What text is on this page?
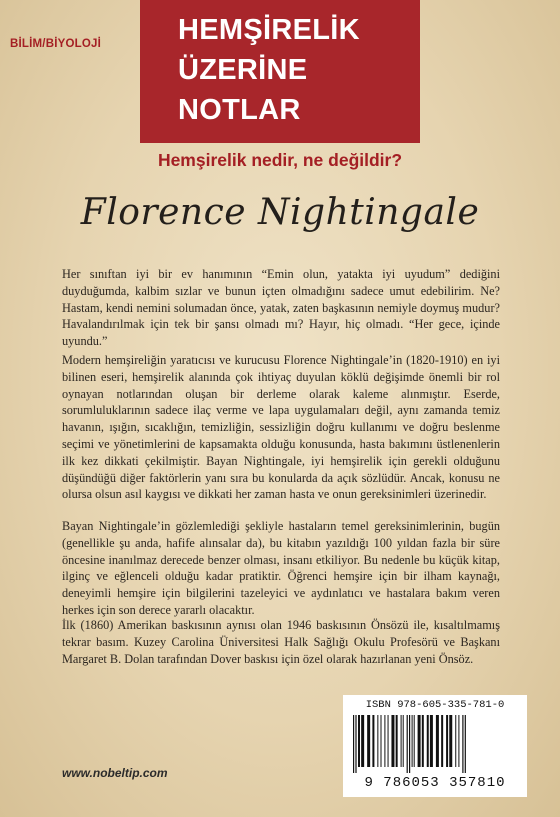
BİLİM/BİYOLOJİ	HEMŞİRELİK
ÜZERİNE
NOTLAR
Hemşirelik nedir, ne değildir?
Florence Nightingale

Her sınıftan iyi bir ev hanımının “Emin olun, yatakta iyi uyudum” dediğini duyduğumda, kalbim sızlar ve bunun içten olmadığını sadece umut edebilirim. Ne? Hastam, kendi nemini solumadan önce, yatak, zaten başkasının nemiyle doymuş mudur? Havalandırılmak için tek bir şansı olmadı mı? Hayır, hiç olmadı. “Her gece, içinde uyundu.”

Modern hemşireliğin yaratıcısı ve kurucusu Florence Nightingale’in (1820-1910) en iyi bilinen eseri, hemşirelik alanında çok ihtiyaç duyulan köklü değişimde önemli bir rol oynayan notlarından oluşan bir derleme olarak kaleme alınmıştır. Eserde, sorumluluklarının sadece ilaç verme ve lapa uygulamaları değil, aynı zamanda temiz havanın, ışığın, sıcaklığın, temizliğin, sessizliğin doğru kullanımı ve doğru beslenme seçimi ve yönetimlerini de kapsamakta olduğu konusunda, hasta bakımını üstlenenlerin ilk kez dikkati çekilmiştir. Bayan Nightingale, iyi hemşirelik için gerekli olduğunu düşündüğü diğer faktörlerin yanı sıra bu konularda da açık sözlüdür. Ancak, konusu ne olursa olsun asıl kaygısı ve dikkati her zaman hasta ve onun gereksinimleri üzerinedir.

Bayan Nightingale’in gözlemlediği şekliyle hastaların temel gereksinimlerinin, bugün (genellikle şu anda, hafife alınsalar da), bu kitabın yazıldığı 100 yıldan fazla bir süre öncesine inanılmaz derecede benzer olması, insanı etkiliyor. Bu nedenle bu küçük kitap, ilginç ve eğlenceli olduğu kadar pratiktir. Öğrenci hemşire için bir ilham kaynağı, deneyimli hemşire için bilgilerini tazeleyici ve aydınlatıcı ve hastalara bakım veren herkes için son derece yararlı olacaktır.

İlk (1860) Amerikan baskısının aynısı olan 1946 baskısının Önsözü ile, kısaltılmamış tekrar basım. Kuzey Carolina Üniversitesi Halk Sağlığı Okulu Profesörü ve Başkanı Margaret B. Dolan tarafından Dover baskısı için özel olarak hazırlanan yeni Önsöz.

ISBN 978-605-335-781-0
9 786053 357810
www.nobeltip.com
